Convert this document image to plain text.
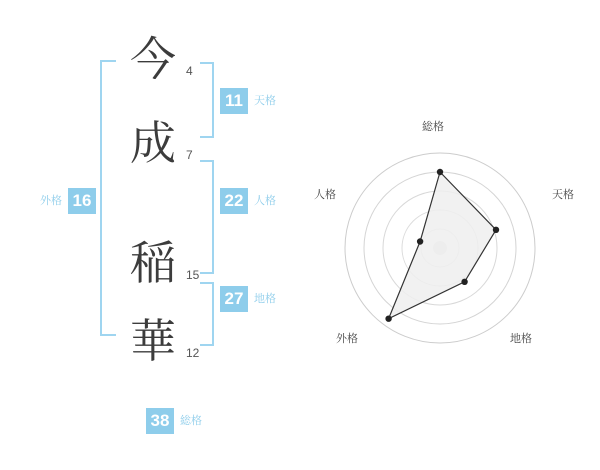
外格 16
今 4
成 7
稲 15
華 12
11	天格
22 人格
27 地格
38 総格
総格
天格
地格
外格
人格
